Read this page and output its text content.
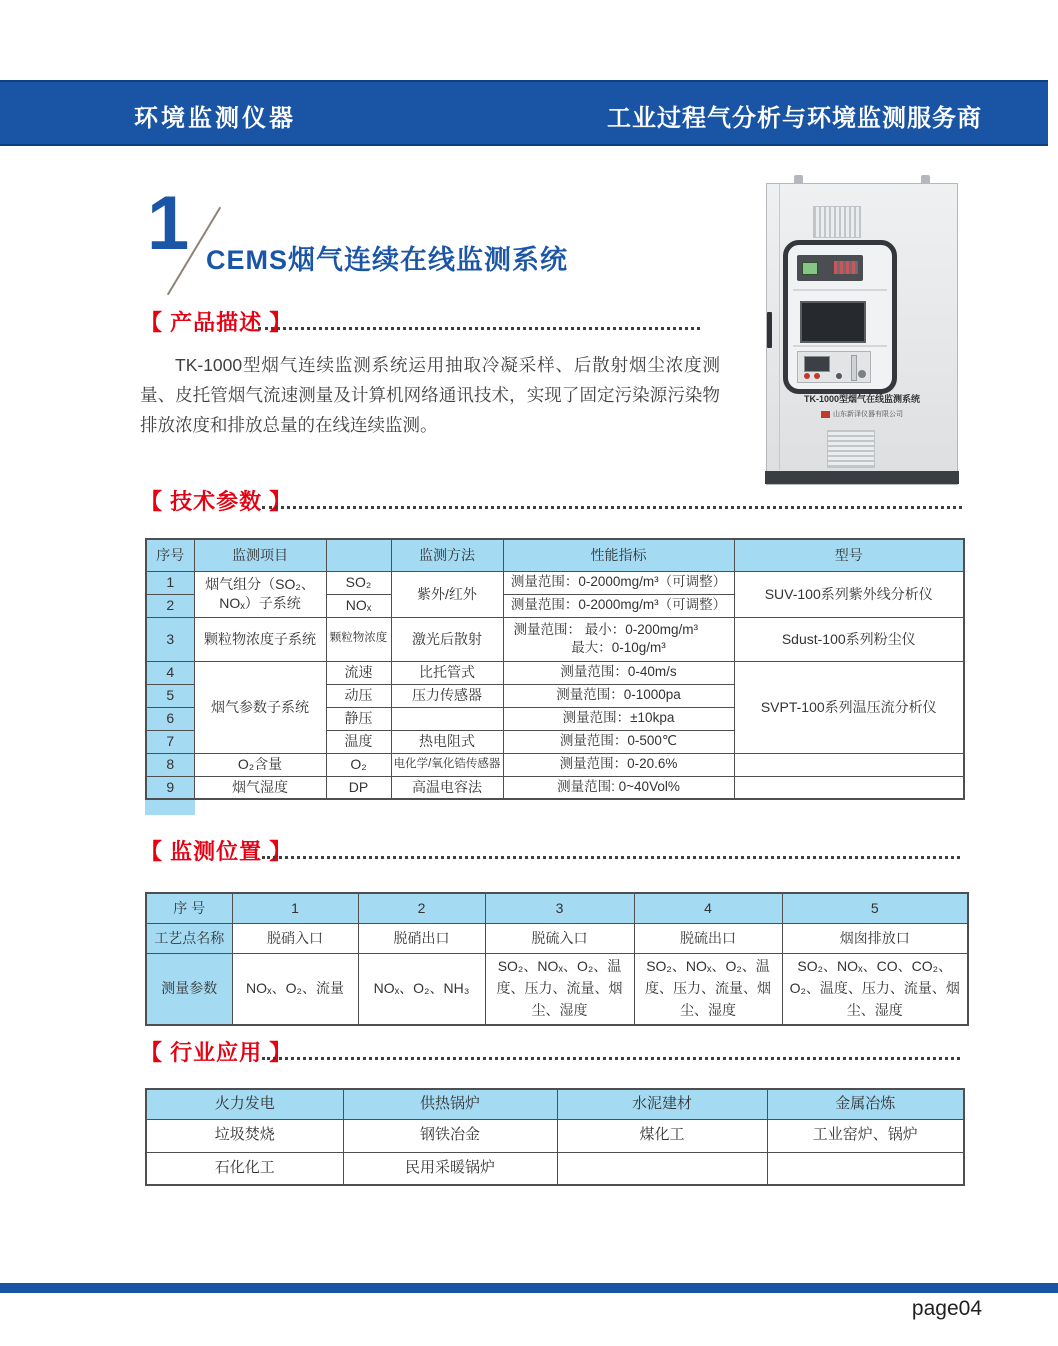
环境监测仪器	工业过程气分析与环境监测服务商
1 CEMS烟气连续在线监测系统
【 产品描述 】
TK-1000型烟气连续监测系统运用抽取冷凝采样、后散射烟尘浓度测量、皮托管烟气流速测量及计算机网络通讯技术，实现了固定污染源污染物排放浓度和排放总量的在线连续监测。
TK-1000型烟气在线监测系统
山东新泽仪器有限公司
【 技术参数 】
序号	监测项目		监测方法	性能指标	型号
1	烟气组分（SO₂、NOₓ）子系统	SO₂	紫外/红外	测量范围：0-2000mg/m³（可调整）	SUV-100系列紫外线分析仪
2		NOₓ		测量范围：0-2000mg/m³（可调整）	
3	颗粒物浓度子系统	颗粒物浓度	激光后散射	测量范围： 最小：0-200mg/m³
最大：0-10g/m³	Sdust-100系列粉尘仪
4	烟气参数子系统	流速	比托管式	测量范围：0-40m/s	SVPT-100系列温压流分析仪
5		动压	压力传感器	测量范围：0-1000pa	
6		静压		测量范围：±10kpa	
7		温度	热电阻式	测量范围：0-500℃	
8	O₂含量	O₂	电化学/氧化锆传感器	测量范围：0-20.6%	
9	烟气湿度	DP	高温电容法	测量范围: 0~40Vol%	
【 监测位置 】
序 号	1	2	3	4	5
工艺点名称	脱硝入口	脱硝出口	脱硫入口	脱硫出口	烟囱排放口
测量参数	NOₓ、O₂、流量	NOₓ、O₂、NH₃	SO₂、NOₓ、O₂、温度、压力、流量、烟尘、湿度	SO₂、NOₓ、O₂、温度、压力、流量、烟尘、湿度	SO₂、NOₓ、CO、CO₂、O₂、温度、压力、流量、烟尘、湿度
【 行业应用 】
火力发电	供热锅炉	水泥建材	金属冶炼
垃圾焚烧	钢铁冶金	煤化工	工业窑炉、锅炉
石化化工	民用采暖锅炉		
page04
